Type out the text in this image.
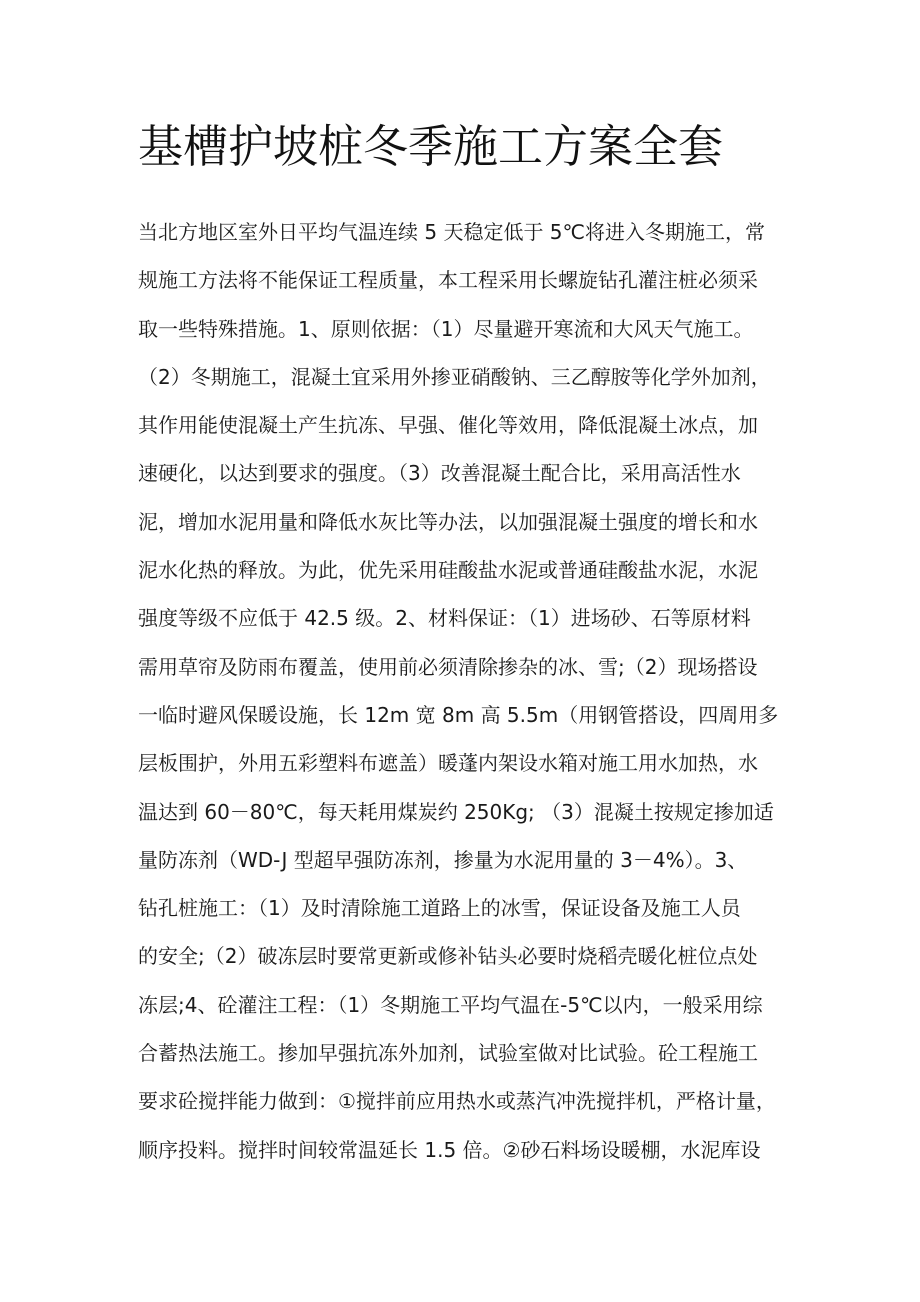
基槽护坡桩冬季施工方案全套
当北方地区室外日平均气温连续 5 天稳定低于 5℃将进入冬期施工，常
规施工方法将不能保证工程质量，本工程采用长螺旋钻孔灌注桩必须采
取一些特殊措施。1、原则依据：（1）尽量避开寒流和大风天气施工。
（2）冬期施工，混凝土宜采用外掺亚硝酸钠、三乙醇胺等化学外加剂，
其作用能使混凝土产生抗冻、早强、催化等效用，降低混凝土冰点，加
速硬化，以达到要求的强度。（3）改善混凝土配合比，采用高活性水
泥，增加水泥用量和降低水灰比等办法，以加强混凝土强度的增长和水
泥水化热的释放。为此，优先采用硅酸盐水泥或普通硅酸盐水泥，水泥
强度等级不应低于 42.5 级。2、材料保证：（1）进场砂、石等原材料
需用草帘及防雨布覆盖，使用前必须清除掺杂的冰、雪;（2）现场搭设
一临时避风保暖设施，长 12m 宽 8m 高 5.5m（用钢管搭设，四周用多
层板围护，外用五彩塑料布遮盖）暖蓬内架设水箱对施工用水加热，水
温达到 60－80℃，每天耗用煤炭约 250Kg; （3）混凝土按规定掺加适
量防冻剂（WD-J 型超早强防冻剂，掺量为水泥用量的 3－4%）。3、
钻孔桩施工：（1）及时清除施工道路上的冰雪，保证设备及施工人员
的安全;（2）破冻层时要常更新或修补钻头必要时烧稻壳暖化桩位点处
冻层;4、砼灌注工程：（1）冬期施工平均气温在-5℃以内，一般采用综
合蓄热法施工。掺加早强抗冻外加剂，试验室做对比试验。砼工程施工
要求砼搅拌能力做到：①搅拌前应用热水或蒸汽冲洗搅拌机，严格计量，
顺序投料。搅拌时间较常温延长 1.5 倍。②砂石料场设暖棚，水泥库设
